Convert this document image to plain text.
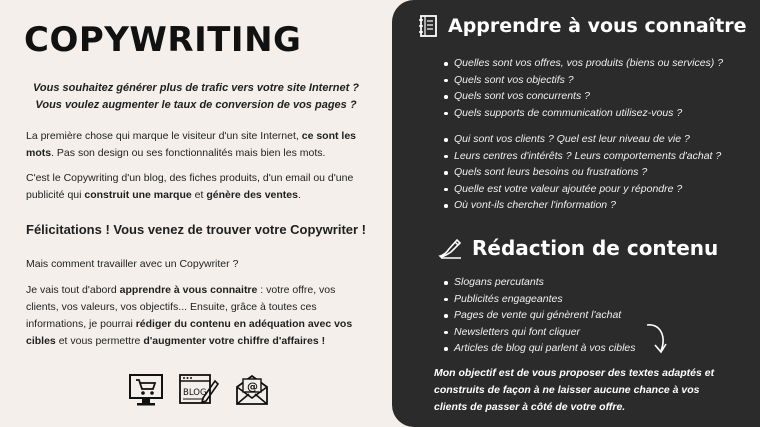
COPYWRITING
Vous souhaitez générer plus de trafic vers votre site Internet ?
Vous voulez augmenter le taux de conversion de vos pages ?
La première chose qui marque le visiteur d'un site Internet, ce sont les mots. Pas son design ou ses fonctionnalités mais bien les mots.
C'est le Copywriting d'un blog, des fiches produits, d'un email ou d'une publicité qui construit une marque et génère des ventes.
Félicitations ! Vous venez de trouver votre Copywriter !
Mais comment travailler avec un Copywriter ?
Je vais tout d'abord apprendre à vous connaitre : votre offre, vos clients, vos valeurs, vos objectifs... Ensuite, grâce à toutes ces informations, je pourrai rédiger du contenu en adéquation avec vos cibles et vous permettre d'augmenter votre chiffre d'affaires !
BLOG	@
Apprendre à vous connaître
Quelles sont vos offres, vos produits (biens ou services) ?
Quels sont vos objectifs ?
Quels sont vos concurrents ?
Quels supports de communication utilisez-vous ?
Qui sont vos clients ? Quel est leur niveau de vie ?
Leurs centres d'intérêts ? Leurs comportements d'achat ?
Quels sont leurs besoins ou frustrations ?
Quelle est votre valeur ajoutée pour y répondre ?
Où vont-ils chercher l'information ?
Rédaction de contenu
Slogans percutants
Publicités engageantes
Pages de vente qui génèrent l'achat
Newsletters qui font cliquer
Articles de blog qui parlent à vos cibles
Mon objectif est de vous proposer des textes adaptés et construits de façon à ne laisser aucune chance à vos clients de passer à côté de votre offre.
